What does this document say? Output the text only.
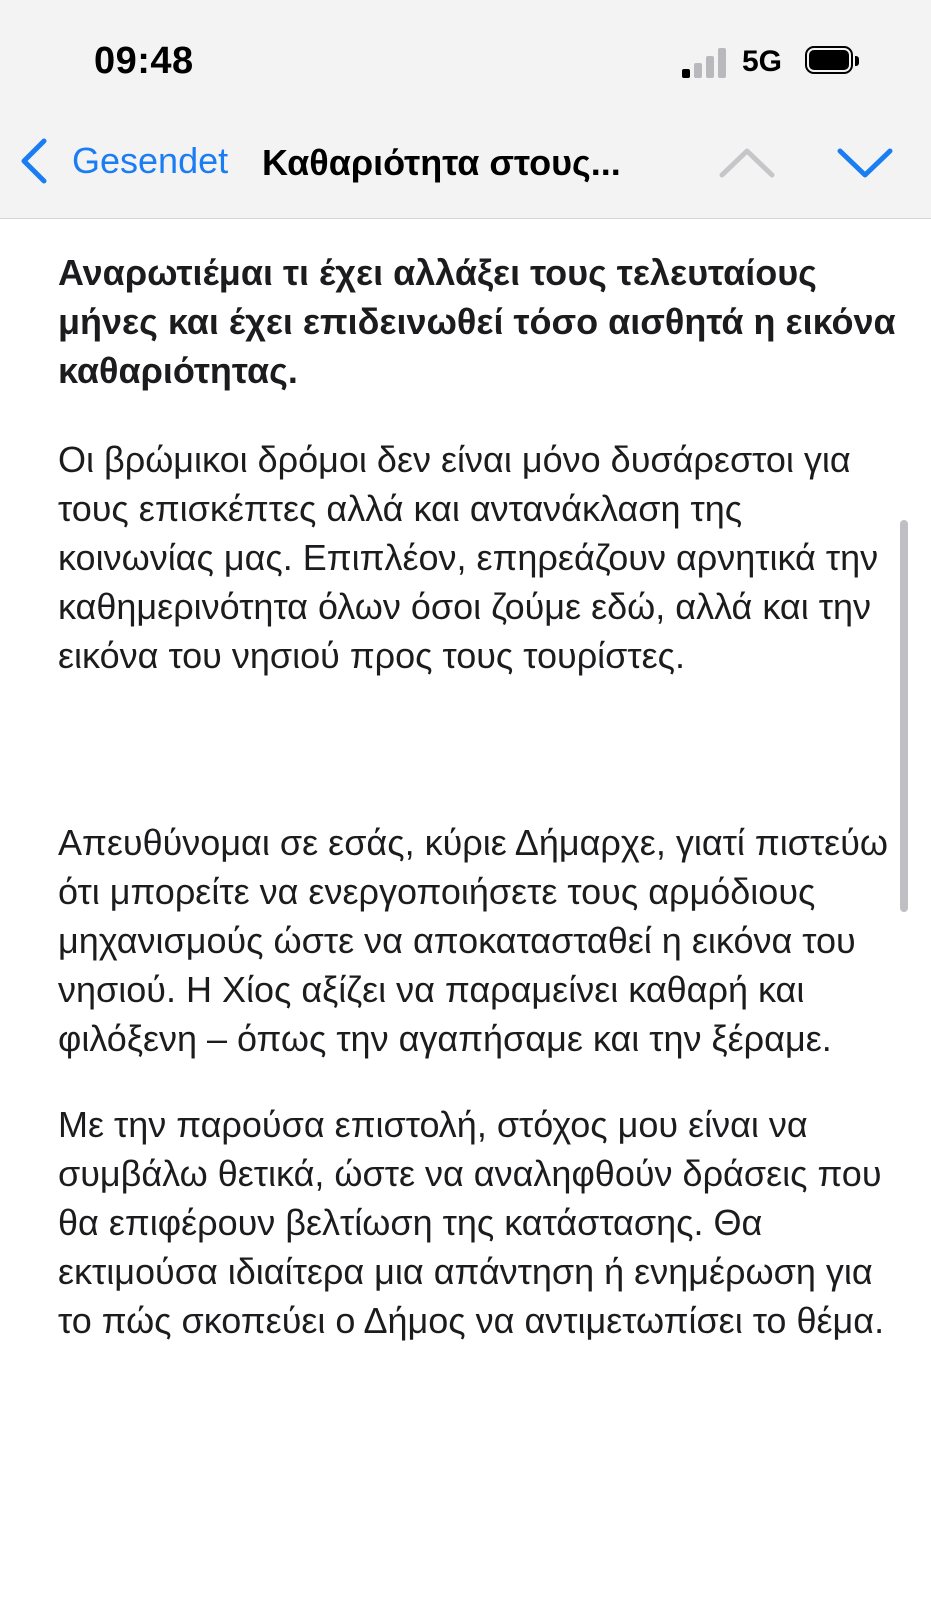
09:48	5G
Gesendet Καθαριότητα στους...

Αναρωτιέμαι τι έχει αλλάξει τους τελευταίους μήνες και έχει επιδεινωθεί τόσο αισθητά η εικόνα καθαριότητας.

Οι βρώμικοι δρόμοι δεν είναι μόνο δυσάρεστοι για τους επισκέπτες αλλά και αντανάκλαση της κοινωνίας μας. Επιπλέον, επηρεάζουν αρνητικά την καθημερινότητα όλων όσοι ζούμε εδώ, αλλά και την εικόνα του νησιού προς τους τουρίστες.

Απευθύνομαι σε εσάς, κύριε Δήμαρχε, γιατί πιστεύω ότι μπορείτε να ενεργοποιήσετε τους αρμόδιους μηχανισμούς ώστε να αποκατασταθεί η εικόνα του νησιού. Η Χίος αξίζει να παραμείνει καθαρή και φιλόξενη – όπως την αγαπήσαμε και την ξέραμε.

Με την παρούσα επιστολή, στόχος μου είναι να συμβάλω θετικά, ώστε να αναληφθούν δράσεις που θα επιφέρουν βελτίωση της κατάστασης. Θα εκτιμούσα ιδιαίτερα μια απάντηση ή ενημέρωση για το πώς σκοπεύει ο Δήμος να αντιμετωπίσει το θέμα.
